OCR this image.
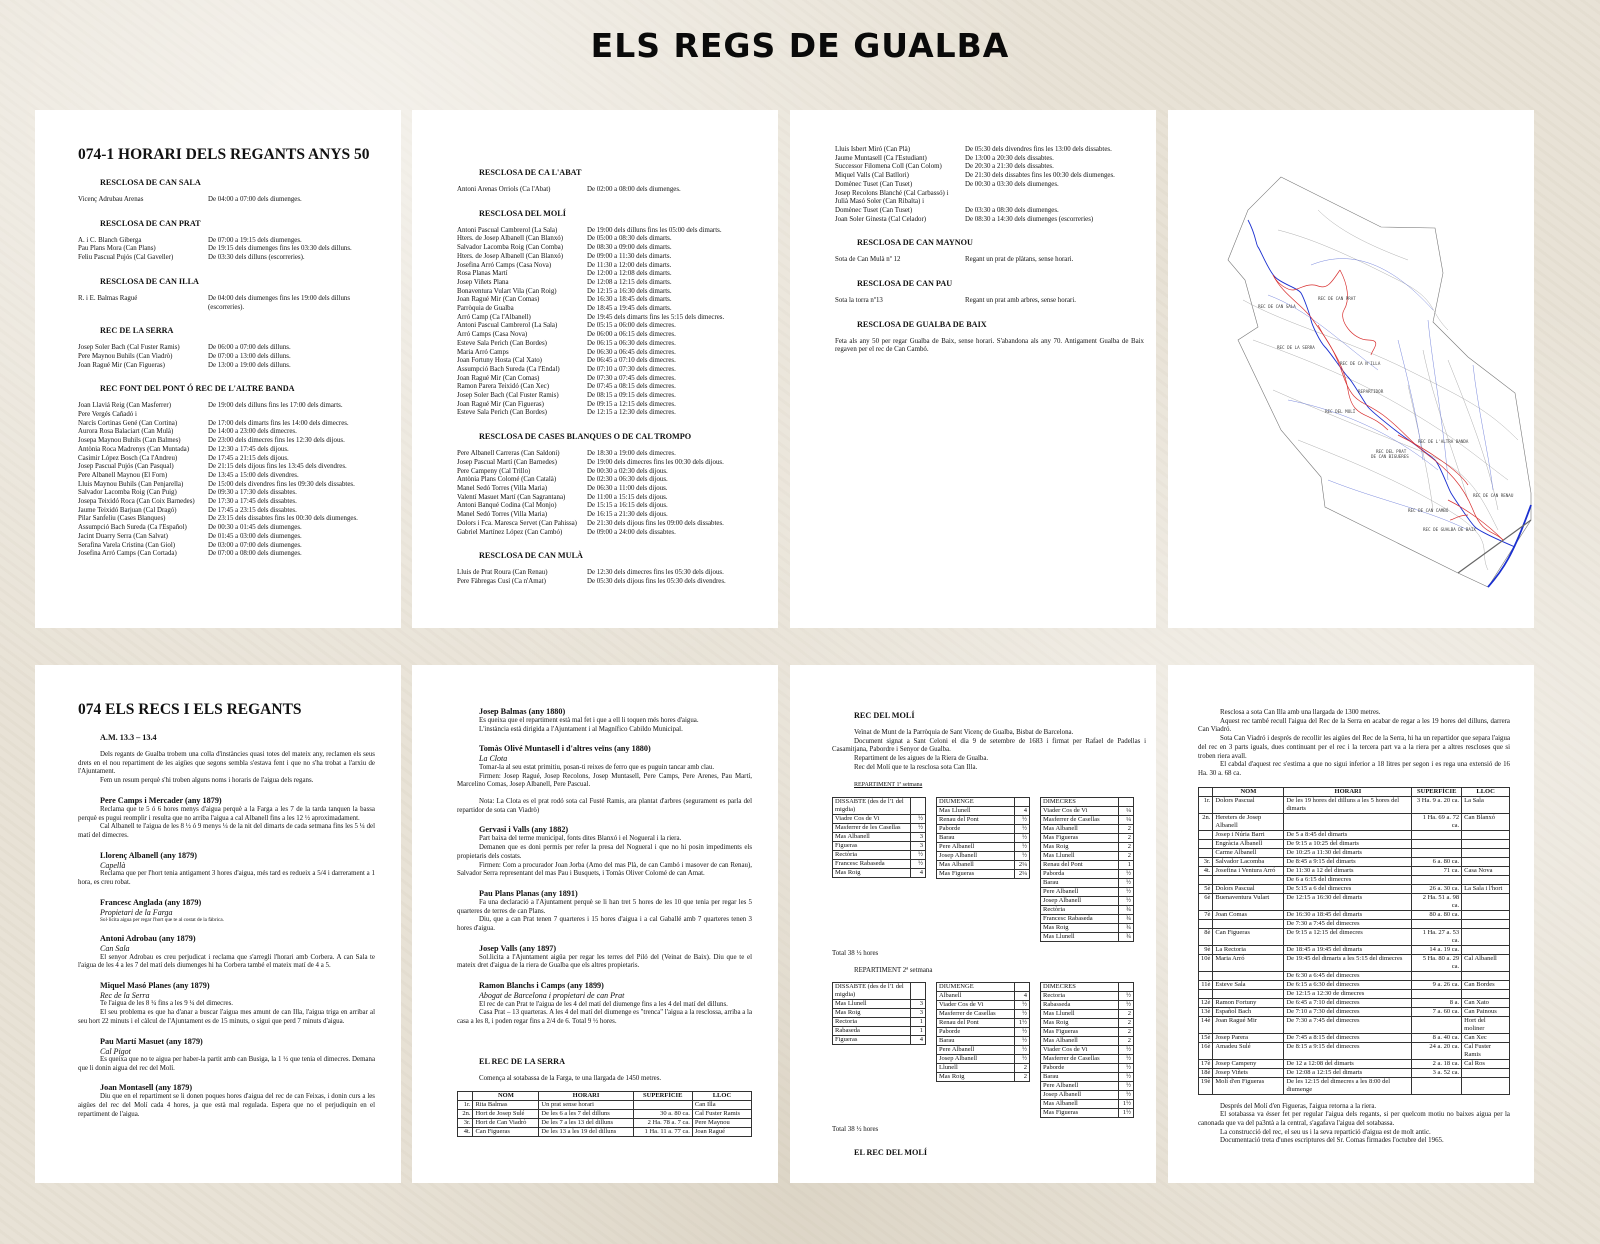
ELS REGS DE GUALBA
074-1 HORARI DELS REGANTS ANYS 50
RESCLOSA DE CAN SALA
Vicenç Adrubau Arenas	De 04:00 a 07:00 dels diumenges.
RESCLOSA DE CAN PRAT
A. i C. Blanch Giberga	De 07:00 a 19:15 dels diumenges.
Pau Plans Mora (Can Plans)	De 19:15 dels diumenges fins les 03:30 dels dilluns.
Feliu Pascual Pujós (Cal Gaveller)	De 03:30 dels dilluns (escorreries).
RESCLOSA DE CAN ILLA
R. i E. Balmas Ragué	De 04:00 dels diumenges fins les 19:00 dels dilluns (escorreries).
REC DE LA SERRA
Josep Soler Bach (Cal Fuster Ramis)	De 06:00 a 07:00 dels dilluns.
Pere Maynou Buhils (Can Viadrò)	De 07:00 a 13:00 dels dilluns.
Joan Ragué Mir (Can Figueras)	De 13:00 a 19:00 dels dilluns.
REC FONT DEL PONT Ó REC DE L'ALTRE BANDA
Joan Llaviá Reig (Can Masferrer)	De 19:00 dels dilluns fins les 17:00 dels dimarts.
Pere Vergés Cañadó i
Narcís Cortinas Gené (Can Cortina)	De 17:00 dels dimarts fins les 14:00 dels dimecres.
Aurora Rosa Balaciart (Can Mulà)	De 14:00 a 23:00 dels dimecres.
Josepa Maynou Buhils (Can Balmes)	De 23:00 dels dimecres fins les 12:30 dels dijous.
Antònia Roca Madrenys (Can Muntada)	De 12:30 a 17:45 dels dijous.
Casimir López Bosch (Ca l'Andreu)	De 17:45 a 21:15 dels dijous.
Josep Pascual Pujós (Can Pasqual)	De 21:15 dels dijous fins les 13:45 dels divendres.
Pere Albanell Maynou (El Forn)	De 13:45 a 15:00 dels divendres.
Lluis Maynou Buhils (Can Penjarella)	De 15:00 dels divendres fins les 09:30 dels dissabtes.
Salvador Lacomba Roig (Can Puig)	De 09:30 a 17:30 dels dissabtes.
Josepa Teixidó Roca (Can Coix Barnedes)	De 17:30 a 17:45 dels dissabtes.
Jaume Teixidó Barjuan (Cal Dragó)	De 17:45 a 23:15 dels dissabtes.
Pilar Sanfeliu (Cases Blanques)	De 23:15 dels dissabtes fins les 00:30 dels diumenges.
Assumpció Bach Sureda (Ca l'Español)	De 00:30 a 01:45 dels diumenges.
Jacint Duarry Serra (Can Salvat)	De 01:45 a 03:00 dels diumenges.
Serafina Varela Cristina (Can Giol)	De 03:00 a 07:00 dels diumenges.
Josefina Arró Camps (Can Cortada)	De 07:00 a 08:00 dels diumenges.
RESCLOSA DE CA L'ABAT
Antoni Arenas Orriols (Ca l'Abat)	De 02:00 a 08:00 dels diumenges.
RESCLOSA DEL MOLÍ
Antoni Pascual Cambrerol (La Sala)	De 19:00 dels dilluns fins les 05:00 dels dimarts.
Hters. de Josep Albanell (Can Blanxó)	De 05:00 a 08:30 dels dimarts.
Salvador Lacomba Roig (Can Comba)	De 08:30 a 09:00 dels dimarts.
Hters. de Josep Albanell (Can Blanxó)	De 09:00 a 11:30 dels dimarts.
Josefina Arró Camps (Casa Nova)	De 11:30 a 12:00 dels dimarts.
Rosa Planas Martí	De 12:00 a 12:08 dels dimarts.
Josep Viñets Plana	De 12:08 a 12:15 dels dimarts.
Bonaventura Vulart Vila (Can Roig)	De 12:15 a 16:30 dels dimarts.
Joan Ragué Mir (Can Comas)	De 16:30 a 18:45 dels dimarts.
Parròquia de Gualba	De 18:45 a 19:45 dels dimarts.
Arró Camp (Ca l'Albanell)	De 19:45 dels dimarts fins les 5:15 dels dimecres.
Antoni Pascual Cambrerol (La Sala)	De 05:15 a 06:00 dels dimecres.
Arró Camps (Casa Nova)	De 06:00 a 06:15 dels dimecres.
Esteve Sala Perich (Can Bordes)	De 06:15 a 06:30 dels dimecres.
Maria Arró Camps	De 06:30 a 06:45 dels dimecres.
Joan Fortuny Hosta (Cal Xato)	De 06:45 a 07:10 dels dimecres.
Assumpció Bach Sureda (Ca l'Endal)	De 07:10 a 07:30 dels dimecres.
Joan Ragué Mir (Can Comas)	De 07:30 a 07:45 dels dimecres.
Ramon Parera Teixidó (Can Xec)	De 07:45 a 08:15 dels dimecres.
Josep Soler Bach (Cal Fuster Ramis)	De 08:15 a 09:15 dels dimecres.
Joan Ragué Mir (Can Figueras)	De 09:15 a 12:15 dels dimecres.
Esteve Sala Perich (Can Bordes)	De 12:15 a 12:30 dels dimecres.
RESCLOSA DE CASES BLANQUES O DE CAL TROMPO
Pere Albanell Carreras (Can Saldoni)	De 18:30 a 19:00 dels dimecres.
Josep Pascual Martí (Can Barnedes)	De 19:00 dels dimecres fins les 00:30 dels dijous.
Pere Campeny (Cal Trillo)	De 00:30 a 02:30 dels dijous.
Antònia Plans Colomé (Can Català)	De 02:30 a 06:30 dels dijous.
Manel Sedó Torres (Villa Maria)	De 06:30 a 11:00 dels dijous.
Valentí Masuet Martí (Can Sagrantana)	De 11:00 a 15:15 dels dijous.
Antoni Banqué Codina (Cal Monjo)	De 15:15 a 16:15 dels dijous.
Manel Sedó Torres (Villa Maria)	De 16:15 a 21:30 dels dijous.
Dolors i Fca. Maresca Servet (Can Pahissa)	De 21:30 dels dijous fins les 09:00 dels dissabtes.
Gabriel Martínez López (Can Cambó)	De 09:00 a 24:00 dels dissabtes.
RESCLOSA DE CAN MULÀ
Lluis de Prat Roura (Can Renau)	De 12:30 dels dimecres fins les 05:30 dels dijous.
Pere Fàbregas Cusí (Ca n'Amat)	De 05:30 dels dijous fins les 05:30 dels divendres.
Lluis Isbert Miró (Can Plà)	De 05:30 dels divendres fins les 13:00 dels dissabtes.
Jaume Muntasell (Ca l'Estudiant)	De 13:00 a 20:30 dels dissabtes.
Successor Filomena Coll (Can Colom)	De 20:30 a 21:30 dels dissabtes.
Miquel Valls (Cal Batllori)	De 21:30 dels dissabtes fins les 00:30 dels diumenges.
Domènec Tuset (Can Tuset)	De 00:30 a 03:30 dels diumenges.
Josep Recolons Blanché (Cal Carbassó) i
Julià Masó Soler (Can Ribalta) i
Domènec Tuset (Can Tuset)	De 03:30 a 08:30 dels diumenges.
Joan Soler Ginesta (Cal Celador)	De 08:30 a 14:30 dels diumenges (escorreries)
RESCLOSA DE CAN MAYNOU
Sota de Can Mulà nº 12	Regant un prat de plàtans, sense horari.
RESCLOSA DE CAN PAU
Sota la torra nº13	Regant un prat amb arbres, sense horari.
RESCLOSA DE GUALBA DE BAIX

Feta als any 50 per regar Gualba de Baix, sense horari. S'abandona als any 70. Antigament Gualba de Baix regaven per el rec de Can Cambó.

REC DE CAN PRAT
REC DE CAN SALA
REC DE LA SERRA
REC DE CA N'ILLA
REPARTIDOR
REC DEL MOLÍ
REC DE L'ALTRA BANDA
REC DEL PRAT
DE CAN BIGUERES
REC DE CAN RENAU
REC DE CAN CAMBÓ
REC DE GUALBA DE BAIX
074 ELS RECS I ELS REGANTS
A.M. 13.3 – 13.4

Dels regants de Gualba trobem una colla d'instàncies quasi totes del mateix any, reclamen els seus drets en el nou repartiment de les aigües que segons sembla s'estava fent i que no s'ha trobat a l'arxiu de l'Ajuntament.

Fem un resum perquè s'hi troben alguns noms i horaris de l'aigua dels regans.

Pere Camps i Mercader (any 1879)

Reclama que te 5 ó 6 hores menys d'aigua perquè a la Farga a les 7 de la tarda tanquen la bassa perquè es pugui reomplir i resulta que no arriba l'aigua a cal Albanell fins a les 12 ½ aproximadament.

Cal Albanell te l'aigua de les 8 ½ ó 9 menys ¼ de la nit del dimarts de cada setmana fins les 5 ¼ del matí del dimecres.

Llorenç Albanell (any 1879)
Capellà

Reclama que per l'hort tenia antigament 3 hores d'aigua, més tard es redueix a 5/4 i darrerament a 1 hora, es creu robat.

Francesc Anglada (any 1879)
Propietari de la Farga
Sol·licita aigua per regar l'hort que te al costat de la fàbrica.
Antoni Adrobau (any 1879)
Can Sala

El senyor Adrobau es creu perjudicat i reclama que s'arregli l'horari amb Corbera. A can Sala te l'aigua de les 4 a les 7 del matí dels diumenges hi ha Corbera també el mateix matí de 4 a 5.

Miquel Masó Planes (any 1879)
Rec de la Serra

Te l'aigua de les 8 ¼ fins a les 9 ¼ del dimecres.

El seu problema es que ha d'anar a buscar l'aigua mes amunt de can Illa, l'aigua triga en arribar al seu hort 22 minuts i el càlcul de l'Ajuntament es de 15 minuts, o sigui que perd 7 minuts d'aigua.

Pau Martí Masuet (any 1879)
Cal Pigot

Es queixa que no te aigua per haber-la partit amb can Busiga, la 1 ½ que tenia el dimecres. Demana que li donin aigua del rec del Molí.

Joan Montasell (any 1879)

Diu que en el repartiment se li donen poques hores d'aigua del rec de can Feixas, i donin curs a les aigües del rec del Molí cada 4 hores, ja que està mal regulada. Espera que no el perjudiquin en el repartiment de l'aigua.

Josep Balmas (any 1880)

Es queixa que el repartiment està mal fet i que a ell li toquen més hores d'aigua.

L'instància està dirigida a l'Ajuntament i al Magnífico Cabildo Municipal.

Tomàs Olivé Muntasell i d'altres veïns (any 1880)
La Clota

Tomar-la al seu estat primitiu, posan-ti reixes de ferro que es puguin tancar amb clau.

Firmen: Josep Ragué, Josep Recolons, Josep Muntasell, Pere Camps, Pere Arenes, Pau Martí, Marcelino Comas, Josep Albanell, Pere Pascual.

Nota: La Clota es el prat rodó sota cal Fusté Ramis, ara plantat d'arbres (segurament es parla del repartidor de sota can Viadrò)

Gervasi i Valls (any 1882)

Part baixa del terme municipal, fonts dites Blanxó i el Nogueral i la riera.

Demanen que es doni permís per refer la presa del Nogueral i que no hi posin impediments els propietaris dels costats.

Firmen: Com a procurador Joan Jorba (Amo del mas Plà, de can Cambó i masover de can Renau), Salvador Serra representant del mas Pau i Busquets, i Tomàs Oliver Colomé de can Amat.

Pau Plans Planas (any 1891)

Fa una declaració a l'Ajuntament perquè se li han tret 5 hores de les 10 que tenia per regar les 5 quarteres de terres de can Plans.

Diu, que a can Prat tenen 7 quarteres i 15 hores d'aigua i a cal Gaballé amb 7 quarteres tenen 3 hores d'aigua.

Josep Valls (any 1897)

Sol.licita a l'Ajuntament aigüa per regar les terres del Piló del (Veinat de Baix). Diu que te el mateix dret d'aigua de la riera de Gualba que els altres propietaris.

Ramon Blanchs i Camps (any 1899)
Abogat de Barcelona i propietari de can Prat

El rec de can Prat te l'aigua de les 4 del matí del diumenge fins a les 4 del matí del dilluns.

Casa Prat – 13 quarteras. A les 4 del matí del diumenge es "trenca" l'aigua a la resclossa, arriba a la casa a les 8, i poden regar fins a 2/4 de 6. Total 9 ½ hores.

EL REC DE LA SERRA

Comença al sotabassa de la Farga, te una llargada de 1450 metres.

	NOM	HORARI	SUPERFÍCIE	LLOC
1r.	Rita Balmas	Un prat sense horari		Can Illa
2n.	Hort de Josep Sulé	De les 6 a les 7 del dilluns	30 a. 80 ca.	Cal Fuster Ramis
3r.	Hort de Can Viadrò	De les 7 a les 13 del dilluns	2 Ha. 78 a. 7 ca.	Pere Maynou
4t.	Can Figueras	De les 13 a les 19 del dilluns	1 Ha. 11 a. 77 ca.	Joan Ragué
REC DEL MOLÍ

Veïnat de Munt de la Parròquia de Sant Vicenç de Gualba, Bisbat de Barcelona.

Document signat a Sant Celoni el dia 9 de setembre de 1683 i firmat per Rafael de Padellas i Casamitjana, Pabordre i Senyor de Gualba.

Repartiment de les aigues de la Riera de Gualba.

Rec del Molí que te la resclosa sota Can Illa.

REPARTIMENT 1ª setmana
DISSABTE (des de l'1 del migdia)	
Viadre Cos de Vi	½
Masferrer de les Casellas	½
Mas Albanell	3
Figueras	3
Rectòria	½
Francesc Rabaseda	½
Mas Roig	4
DIUMENGE	
Mas Llunell	4
Renau del Pont	½
Paborde	½
Barau	½
Pere Albanell	½
Josep Albanell	½
Mas Albanell	2¼
Mas Figueras	2¼
DIMECRES	
Viader Cos de Vi	¼
Masferrer de Casellas	¼
Mas Albanell	2
Mas Figueras	2
Mas Roig	2
Mas Llunell	2
Renau del Pont	1
Paborda	½
Barau	½
Pere Albanell	½
Josep Albanell	½
Rectòria	¾
Francesc Rabaseda	¾
Mas Roig	¾
Mas Llunell	¾
Total 38 ½ hores
REPARTIMENT 2ª setmana
DISSABTE (des de l'1 del migdia)	
Mas Llunell	3
Mas Roig	3
Rectoria	1
Rabaseda	1
Figueras	4
DIUMENGE	
Albanell	4
Viader Cos de Vi	½
Masferrer de Casellas	½
Renau del Pont	1½
Paborde	½
Barau	½
Pere Albanell	½
Josep Albanell	½
Llunell	2
Mas Roig	2
DIMECRES	
Rectoria	½
Rabasseda	½
Mas Llunell	2
Mas Roig	2
Mas Figueras	2
Mas Albanell	2
Viader Cos de Vi	½
Masferrer de Casellas	½
Paborde	½
Barau	½
Pere Albanell	½
Josep Albanell	½
Mas Albanell	1½
Mas Figueras	1½
Total 38 ½ hores
EL REC DEL MOLÍ

Resclosa a sota Can Illa amb una llargada de 1300 metres.

Aquest rec també recull l'aigua del Rec de la Serra en acabar de regar a les 19 hores del dilluns, darrera Can Viadró.

Sota Can Viadró i després de recollir les aigües del Rec de la Serra, hi ha un repartidor que separa l'aigua del rec en 3 parts iguals, dues continuant per el rec i la tercera part va a la riera per a altres rescloses que si troben riera avall.

El cabdal d'aquest rec s'estima a que no sigui inferior a 18 litres per segon i es rega una extensió de 16 Ha. 30 a. 68 ca.

	NOM	HORARI	SUPERFÍCIE	LLOC
1r.	Dolors Pascual	De les 19 hores del dilluns a les 5 hores del dimarts	3 Ha. 9 a. 20 ca.	La Sala
2n.	Hereters de Josep Albanell		1 Ha. 69 a. 72 ca.	Can Blanxó
	Josep i Núria Barri	De 5 a 8:45 del dimarts		
	Engràcia Albanell	De 9:15 a 10:25 del dimarts		
	Carme Albanell	De 10:25 a 11:30 del dimarts		
3r.	Salvador Lacomba	De 8:45 a 9:15 del dimarts	6 a. 80 ca.	
4t.	Josefina i Ventura Arró	De 11:30 a 12 del dimarts	71 ca.	Casa Nova
		De 6 a 6:15 del dimecres		
5è	Dolors Pascual	De 5:15 a 6 del dimecres	26 a. 30 ca.	La Sala i l'hort
6è	Buenaventura Vulart	De 12:15 a 16:30 del dimarts	2 Ha. 51 a. 98 ca.	
7è	Joan Comas	De 16:30 a 18:45 del dimarts	80 a. 80 ca.	
		De 7:30 a 7:45 del dimecres		
8è	Can Figueras	De 9:15 a 12:15 del dimecres	1 Ha. 27 a. 53 ca.	
9è	La Rectoria	De 18:45 a 19:45 del dimarts	14 a. 19 ca.	
10è	Maria Arró	De 19:45 del dimarts a les 5:15 del dimecres	5 Ha. 80 a. 29 ca.	Cal Albanell
		De 6:30 a 6:45 del dimecres		
11è	Esteve Sala	De 6:15 a 6:30 del dimecres	9 a. 26 ca.	Can Bordes
		De 12:15 a 12:30 de dimecres		
12è	Ramon Fortuny	De 6:45 a 7:10 del dimecres	8 a.	Can Xato
13è	Español Bach	De 7:10 a 7:30 del dimecres	7 a. 60 ca.	Can Painous
14è	Joan Ragué Mir	De 7:30 a 7:45 del dimecres		Hort del moliner
15è	Josep Parera	De 7:45 a 8:15 del dimecres	8 a. 40 ca.	Can Xec
16è	Amadeu Sulé	De 8:15 a 9:15 del dimecres	24 a. 20 ca.	Cal Fuster Ramis
17è	Josep Campeny	De 12 a 12:08 del dimarts	2 a. 18 ca.	Cal Ros
18è	Josep Viñets	De 12:08 a 12:15 del dimarts	3 a. 52 ca.	
19è	Molí d'en Figueras	De les 12:15 del dimecres a les 8:00 del diumenge		

Després del Molí d'en Figueras, l'aigua retorna a la riera.

El sotabassa va ésser fet per regular l'aigua dels regants, si per quelcom motiu no baixes aigua per la canonada que va del pa3ntà a la central, s'agafava l'aigua del sotabassa.

La construcció del rec, el seu us i la seva repartició d'aigua est de molt antic.

Documentació treta d'unes escriptures del Sr. Comas firmades l'octubre del 1965.
